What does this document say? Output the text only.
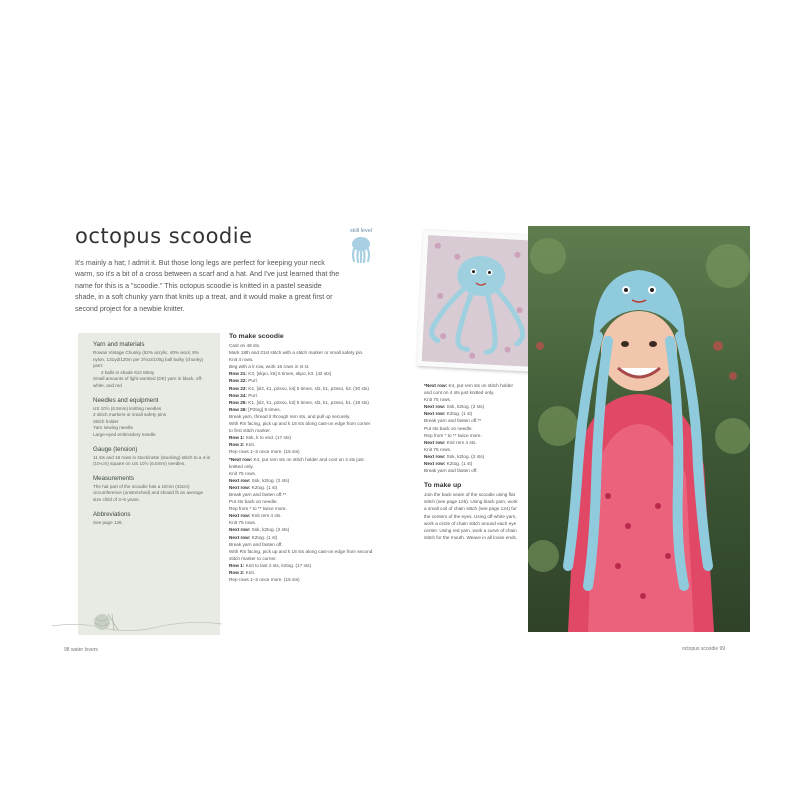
octopus scoodie	skill level

It's mainly a hat; I admit it. But those long legs are perfect for keeping your neck warm, so it's a bit of a cross between a scarf and a hat. And I've just learned that the name for this is a "scoodie." This octopus scoodie is knitted in a pastel seaside shade, in a soft chunky yarn that knits up a treat, and it would make a great first or second project for a newbie knitter.

Yarn and materials
Rowan Vintage Chunky (52% acrylic, 40% wool, 8% nylon, 131yd/120m per 3½oz/100g ball bulky (chunky) yarn:
2 balls in shade 612 Minty
Small amounts of light worsted (DK) yarn in black, off-white, and red
Needles and equipment
US 10½ (6.5mm) knitting needles
2 stitch markers or small safety pins
Stitch holder
Yarn sewing needle
Large-eyed embroidery needle
Gauge (tension)
11 sts and 16 rows in stockinette (stocking) stitch to a 4-in (10-cm) square on US 10½ (6.5mm) needles.
Measurements
The hat part of the scoodie has a 16½in (42cm) circumference (unstretched) and should fit an average size child of 3–5 years.
Abbreviations
See page 126.
To make scoodie
Cast on 48 sts.
Mark 18th and 31st stitch with a stitch marker or small safety pin.
Knit 4 rows.
Beg with a k row, work 16 rows in st st.
Row 21: K3, [skpo, k6] 5 times, skpo, k3. (42 sts)
Row 22: Purl.
Row 23: K2, [sl2, k1, p2sso, k4] 5 times, sl2, k1, p2sso, k2. (30 sts)
Row 24: Purl.
Row 25: K1, [sl2, k1, p2sso, k2] 5 times, sl2, k1, p2sso, k1. (18 sts)
Row 26: [P2tog] 9 times.
Break yarn, thread it through rem sts, and pull up securely.
With RS facing, pick up and k 18 sts along cast-on edge from corner to first stitch marker.
Row 1: Ssk, k to end. (17 sts)
Row 2: Knit.
Rep rows 1–2 once more. (16 sts)
*Next row: K4, put rem sts on stitch holder and cont on 4 sts just knitted only.
Knit 75 rows.
Next row: Ssk, k2tog. (2 sts)
Next row: K2tog. (1 st)
Break yarn and fasten off.**
Put sts back on needle.
Rep from * to ** twice more.
Next row: Knit rem 4 sts.
Knit 75 rows.
Next row: Ssk, k2tog. (2 sts)
Next row: K2tog. (1 st)
Break yarn and fasten off.
With RS facing, pick up and k 18 sts along cast-on edge from second stitch marker to corner.
Row 1: Knit to last 2 sts, k2tog. (17 sts)
Row 2: Knit.
Rep rows 1–2 once more. (16 sts)
98 water lovers
*Next row: K4, put rem sts on stitch holder and cont on 4 sts just knitted only.
Knit 75 rows.
Next row: Ssk, k2tog. (2 sts)
Next row: K2tog. (1 st)
Break yarn and fasten off.**
Put sts back on needle.
Rep from * to ** twice more.
Next row: Knit rem 4 sts.
Knit 75 rows.
Next row: Ssk, k2tog. (2 sts)
Next row: K2tog. (1 st)
Break yarn and fasten off.
To make up
Join the back seam of the scoodie using flat stitch (see page 125). Using black yarn, work a small coil of chain stitch (see page 124) for the centers of the eyes. Using off-white yarn, work a circle of chain stitch around each eye center. Using red yarn, work a curve of chain stitch for the mouth. Weave in all loose ends.
octopus scoodie 99
